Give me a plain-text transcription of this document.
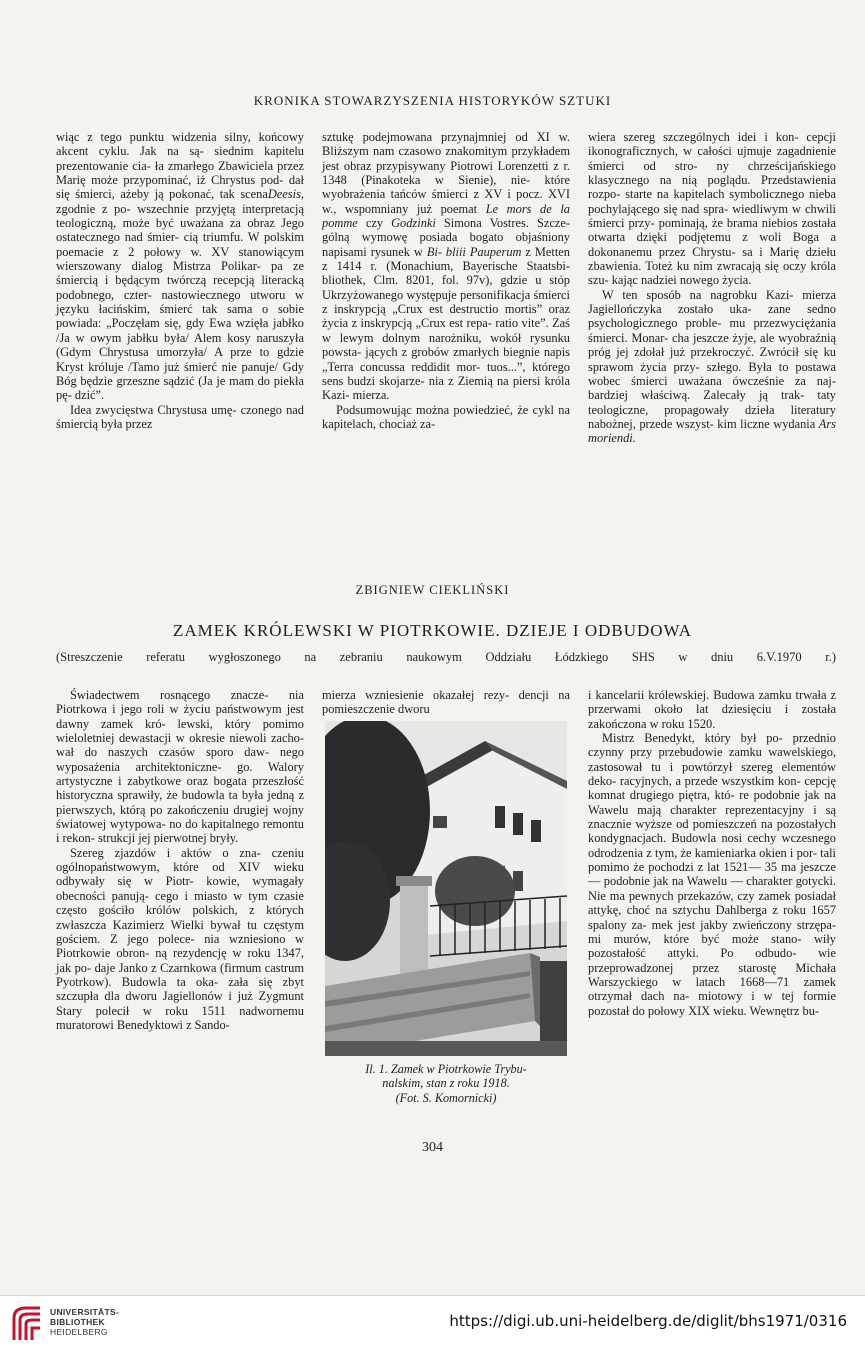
KRONIKA STOWARZYSZENIA HISTORYKÓW SZTUKI

wiąc z tego punktu widzenia silny, końcowy akcent cyklu. Jak na są- siednim kapitelu prezentowanie cia- ła zmarłego Zbawiciela przez Marię może przypominać, iż Chrystus pod- dał się śmierci, ażeby ją pokonać, tak scenaDeesis, zgodnie z po- wszechnie przyjętą interpretacją teologiczną, może być uważana za obraz Jego ostatecznego nad śmier- cią triumfu. W polskim poemacie z 2 połowy w. XV stanowiącym wierszowany dialog Mistrza Polikar- pa ze śmiercią i będącym twórczą recepcją literacką podobnego, czter- nastowiecznego utworu w języku łacińskim, śmierć tak sama o sobie powiada: „Poczęłam się, gdy Ewa wzięła jabłko /Ja w owym jabłku była/ Alem kosy naruszyła (Gdym Chrystusa umorzyła/ A prze to gdzie Kryst króluje /Tamo już śmierć nie panuje/ Gdy Bóg będzie grzeszne sądzić (Ja je mam do piekła pę- dzić”.

Idea zwycięstwa Chrystusa umę- czonego nad śmiercią była przez

sztukę podejmowana przynajmniej od XI w. Bliższym nam czasowo znakomitym przykładem jest obraz przypisywany Piotrowi Lorenzetti z r. 1348 (Pinakoteka w Sienie), nie- które wyobrażenia tańców śmierci z XV i pocz. XVI w., wspomniany już poemat Le mors de la pomme czy Godzinki Simona Vostres. Szcze- gólną wymowę posiada bogato objaśniony napisami rysunek w Bi- bliii Pauperum z Metten z 1414 r. (Monachium, Bayerische Staatsbi- bliothek, Clm. 8201, fol. 97v), gdzie u stóp Ukrzyżowanego występuje personifikacja śmierci z inskrypcją „Crux est destructio mortis” oraz życia z inskrypcją „Crux est repa- ratio vite”. Zaś w lewym dolnym narożniku, wokół rysunku powsta- jących z grobów zmarłych biegnie napis „Terra concussa reddidit mor- tuos...”, którego sens budzi skojarze- nia z Ziemią na piersi króla Kazi- mierza.

Podsumowując można powiedzieć, że cykl na kapitelach, chociaż za-

wiera szereg szczególnych idei i kon- cepcji ikonograficznych, w całości ujmuje zagadnienie śmierci od stro- ny chrześcijańskiego klasycznego na nią poglądu. Przedstawienia rozpo- starte na kapitelach symbolicznego nieba pochylającego się nad spra- wiedliwym w chwili śmierci przy- pominają, że brama niebios została otwarta dzięki podjętemu z woli Boga a dokonanemu przez Chrystu- sa i Marię dziełu zbawienia. Toteż ku nim zwracają się oczy króla szu- kając nadziei nowego życia.

W ten sposób na nagrobku Kazi- mierza Jagiellończyka zostało uka- zane sedno psychologicznego proble- mu przezwyciężania śmierci. Monar- cha jeszcze żyje, ale wyobraźnią próg jej zdołał już przekroczyć. Zwrócił się ku sprawom życia przy- szłego. Była to postawa wobec śmierci uważana ówcześnie za naj- bardziej właściwą. Zalecały ją trak- taty teologiczne, propagowały dzieła literatury nabożnej, przede wszyst- kim liczne wydania Ars moriendi.

ZBIGNIEW CIEKLIŃSKI
ZAMEK KRÓLEWSKI W PIOTRKOWIE. DZIEJE I ODBUDOWA
(Streszczenie referatu wygłoszonego na zebraniu naukowym Oddziału Łódzkiego SHS w dniu 6.V.1970 r.)

Świadectwem rosnącego znacze- nia Piotrkowa i jego roli w życiu państwowym jest dawny zamek kró- lewski, który pomimo wieloletniej dewastacji w okresie niewoli zacho- wał do naszych czasów sporo daw- nego wyposażenia architektoniczne- go. Walory artystyczne i zabytkowe oraz bogata przeszłość historyczna sprawiły, że budowla ta była jedną z pierwszych, którą po zakończeniu drugiej wojny światowej wytypowa- no do kapitalnego remontu i rekon- strukcji jej pierwotnej bryły.

Szereg zjazdów i aktów o zna- czeniu ogólnopaństwowym, które od XIV wieku odbywały się w Piotr- kowie, wymagały obecności panują- cego i miasto w tym czasie często gościło królów polskich, z których zwłaszcza Kazimierz Wielki bywał tu częstym gościem. Z jego polece- nia wzniesiono w Piotrkowie obron- ną rezydencję w roku 1347, jak po- daje Janko z Czarnkowa (firmum castrum Pyotrkow). Budowla ta oka- zała się zbyt szczupła dla dworu Jagiellonów i już Zygmunt Stary polecił w roku 1511 nadwornemu muratorowi Benedyktowi z Sando-

mierza wzniesienie okazałej rezy- dencji na pomieszczenie dworu

Il. 1. Zamek w Piotrkowie Trybu-
nalskim, stan z roku 1918.
(Fot. S. Komornicki)

i kancelarii królewskiej. Budowa zamku trwała z przerwami około lat dziesięciu i została zakończona w roku 1520.

Mistrz Benedykt, który był po- przednio czynny przy przebudowie zamku wawelskiego, zastosował tu i powtórzył szereg elementów deko- racyjnych, a przede wszystkim kon- cepcję komnat drugiego piętra, któ- re podobnie jak na Wawelu mają charakter reprezentacyjny i są znacznie wyższe od pomieszczeń na pozostałych kondygnacjach. Budowla nosi cechy wczesnego odrodzenia z tym, że kamieniarka okien i por- tali pomimo że pochodzi z lat 1521— 35 ma jeszcze — podobnie jak na Wawelu — charakter gotycki. Nie ma pewnych przekazów, czy zamek posiadał attykę, choć na sztychu Dahlberga z roku 1657 spalony za- mek jest jakby zwieńczony strzępa- mi murów, które być może stano- wiły pozostałość attyki. Po odbudo- wie przeprowadzonej przez starostę Michała Warszyckiego w latach 1668—71 zamek otrzymał dach na- miotowy i w tej formie pozostał do połowy XIX wieku. Wewnętrz bu-

304
UNIVERSITÄTS-
BIBLIOTHEK
HEIDELBERG
https://digi.ub.uni-heidelberg.de/diglit/bhs1971/0316
